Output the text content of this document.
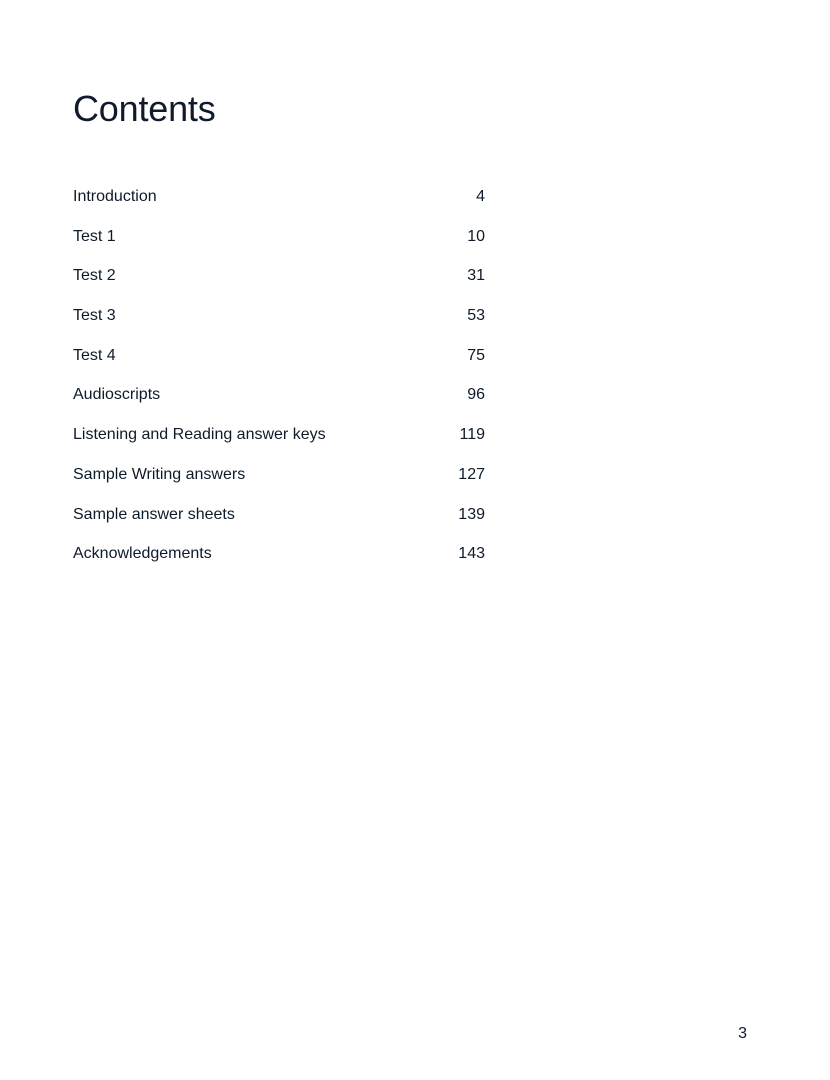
Contents
Introduction	4
Test 1	10
Test 2	31
Test 3	53
Test 4	75
Audioscripts	96
Listening and Reading answer keys	119
Sample Writing answers	127
Sample answer sheets	139
Acknowledgements	143
3
